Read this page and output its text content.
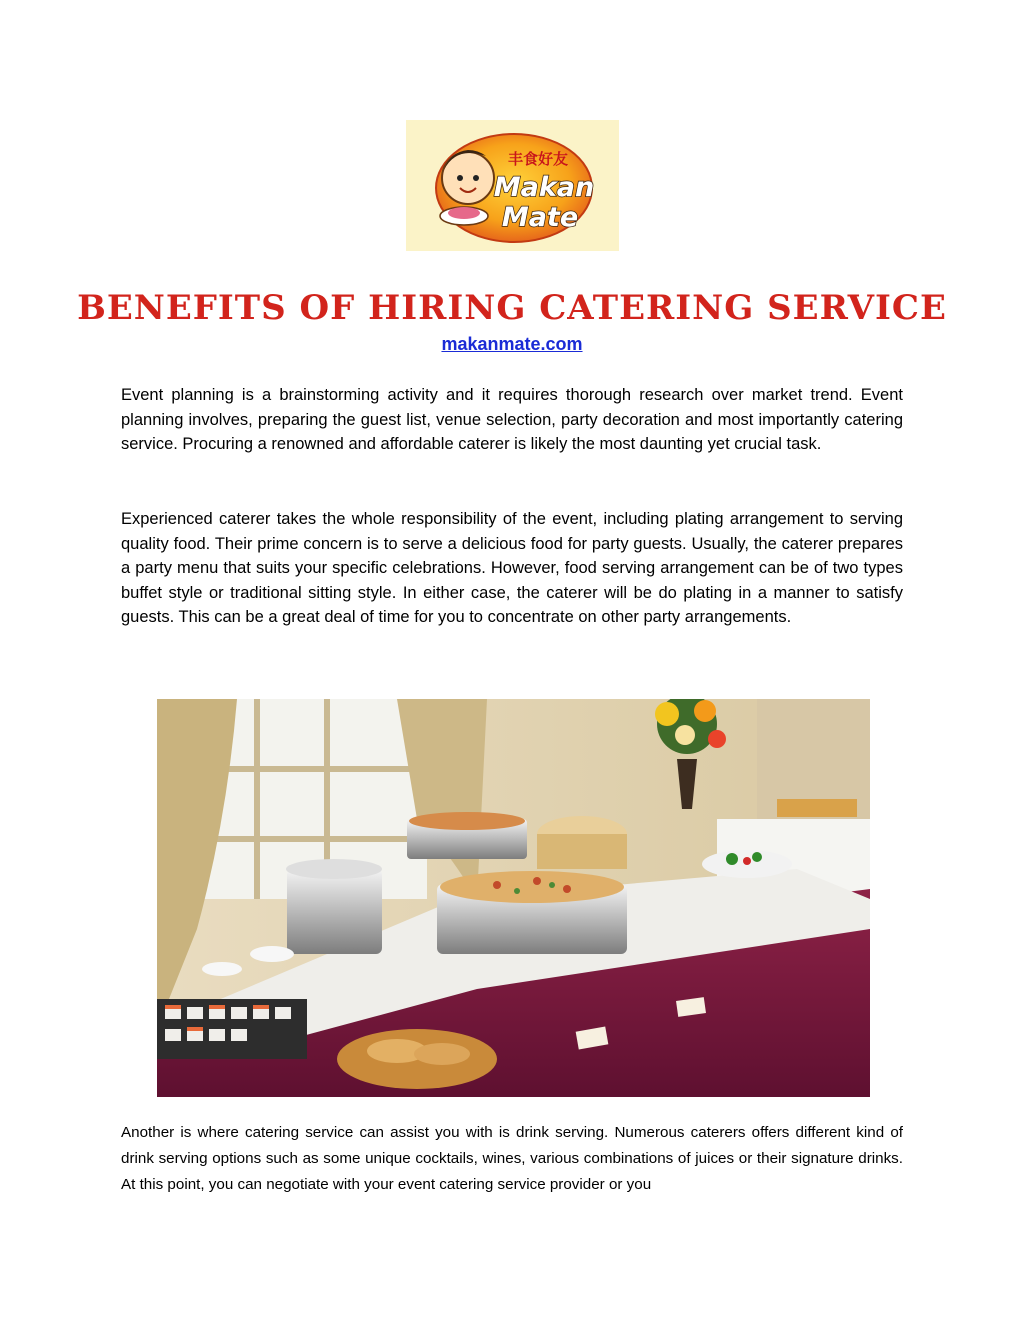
丰食好友
Makan
Mate
BENEFITS OF HIRING CATERING SERVICE
makanmate.com

Event planning is a brainstorming activity and it requires thorough research over market trend. Event planning involves, preparing the guest list, venue selection, party decoration and most importantly catering service. Procuring a renowned and affordable caterer is likely the most daunting yet crucial task.

Experienced caterer takes the whole responsibility of the event, including plating arrangement to serving quality food. Their prime concern is to serve a delicious food for party guests. Usually, the caterer prepares a party menu that suits your specific celebrations. However, food serving arrangement can be of two types buffet style or traditional sitting style. In either case, the caterer will be do plating in a manner to satisfy guests. This can be a great deal of time for you to concentrate on other party arrangements.

Another is where catering service can assist you with is drink serving. Numerous caterers offers different kind of drink serving options such as some unique cocktails, wines, various combinations of juices or their signature drinks. At this point, you can negotiate with your event catering service provider or you
